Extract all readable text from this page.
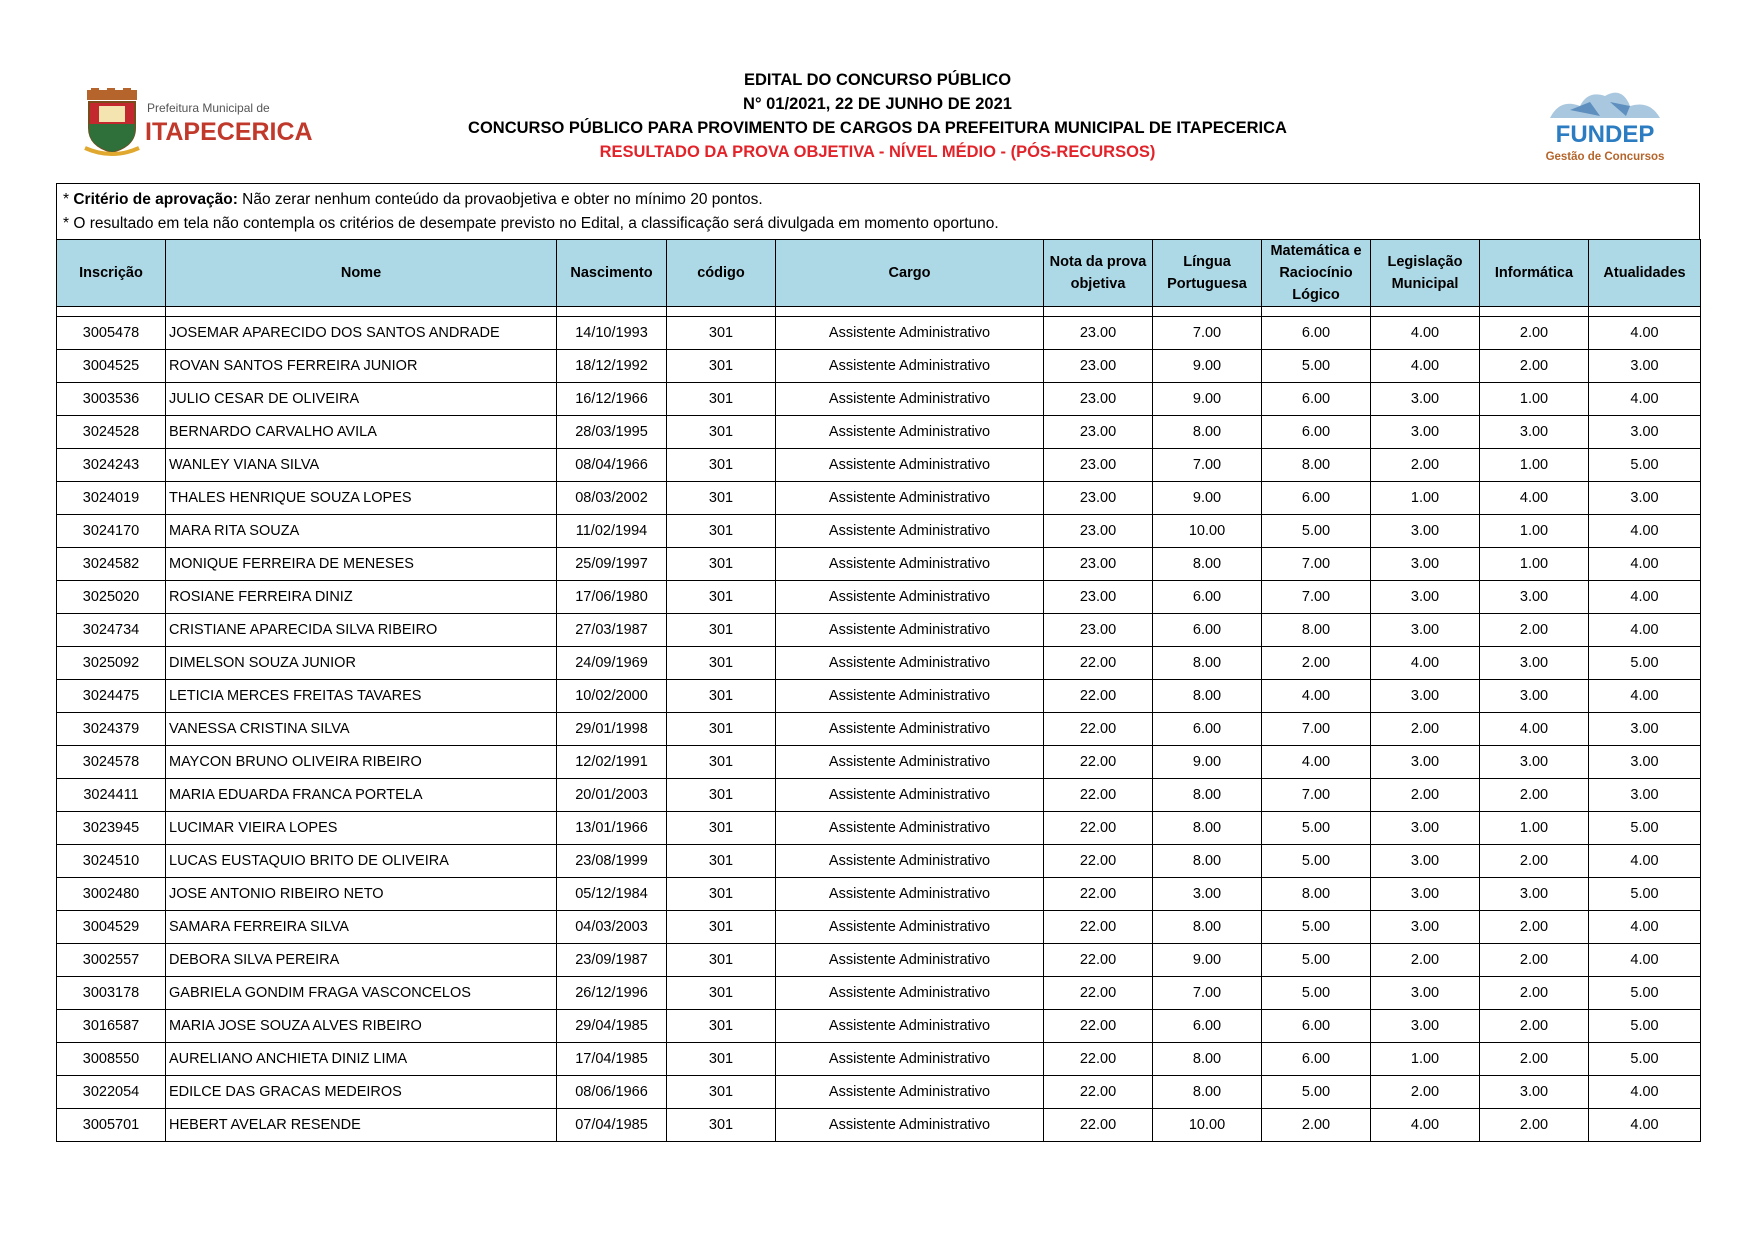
Prefeitura Municipal de
ITAPECERICA
EDITAL DO CONCURSO PÚBLICO
N° 01/2021, 22 DE JUNHO DE 2021
CONCURSO PÚBLICO PARA PROVIMENTO DE CARGOS DA PREFEITURA MUNICIPAL DE ITAPECERICA
RESULTADO DA PROVA OBJETIVA - NÍVEL MÉDIO - (PÓS-RECURSOS)
FUNDEP
Gestão de Concursos
* Critério de aprovação: Não zerar nenhum conteúdo da provaobjetiva e obter no mínimo 20 pontos.
* O resultado em tela não contempla os critérios de desempate previsto no Edital, a classificação será divulgada em momento oportuno.
Inscrição	Nome	Nascimento	código	Cargo	Nota da prova objetiva	Língua Portuguesa	Matemática e Raciocínio Lógico	Legislação Municipal	Informática	Atualidades

3005478	JOSEMAR APARECIDO DOS SANTOS ANDRADE	14/10/1993	301	Assistente Administrativo	23.00	7.00	6.00	4.00	2.00	4.00
3004525	ROVAN SANTOS FERREIRA JUNIOR	18/12/1992	301	Assistente Administrativo	23.00	9.00	5.00	4.00	2.00	3.00
3003536	JULIO CESAR DE OLIVEIRA	16/12/1966	301	Assistente Administrativo	23.00	9.00	6.00	3.00	1.00	4.00
3024528	BERNARDO CARVALHO AVILA	28/03/1995	301	Assistente Administrativo	23.00	8.00	6.00	3.00	3.00	3.00
3024243	WANLEY VIANA SILVA	08/04/1966	301	Assistente Administrativo	23.00	7.00	8.00	2.00	1.00	5.00
3024019	THALES HENRIQUE SOUZA LOPES	08/03/2002	301	Assistente Administrativo	23.00	9.00	6.00	1.00	4.00	3.00
3024170	MARA RITA SOUZA	11/02/1994	301	Assistente Administrativo	23.00	10.00	5.00	3.00	1.00	4.00
3024582	MONIQUE FERREIRA DE MENESES	25/09/1997	301	Assistente Administrativo	23.00	8.00	7.00	3.00	1.00	4.00
3025020	ROSIANE FERREIRA DINIZ	17/06/1980	301	Assistente Administrativo	23.00	6.00	7.00	3.00	3.00	4.00
3024734	CRISTIANE APARECIDA SILVA RIBEIRO	27/03/1987	301	Assistente Administrativo	23.00	6.00	8.00	3.00	2.00	4.00
3025092	DIMELSON SOUZA JUNIOR	24/09/1969	301	Assistente Administrativo	22.00	8.00	2.00	4.00	3.00	5.00
3024475	LETICIA MERCES FREITAS TAVARES	10/02/2000	301	Assistente Administrativo	22.00	8.00	4.00	3.00	3.00	4.00
3024379	VANESSA CRISTINA SILVA	29/01/1998	301	Assistente Administrativo	22.00	6.00	7.00	2.00	4.00	3.00
3024578	MAYCON BRUNO OLIVEIRA RIBEIRO	12/02/1991	301	Assistente Administrativo	22.00	9.00	4.00	3.00	3.00	3.00
3024411	MARIA EDUARDA FRANCA PORTELA	20/01/2003	301	Assistente Administrativo	22.00	8.00	7.00	2.00	2.00	3.00
3023945	LUCIMAR VIEIRA LOPES	13/01/1966	301	Assistente Administrativo	22.00	8.00	5.00	3.00	1.00	5.00
3024510	LUCAS EUSTAQUIO BRITO DE OLIVEIRA	23/08/1999	301	Assistente Administrativo	22.00	8.00	5.00	3.00	2.00	4.00
3002480	JOSE ANTONIO RIBEIRO NETO	05/12/1984	301	Assistente Administrativo	22.00	3.00	8.00	3.00	3.00	5.00
3004529	SAMARA FERREIRA SILVA	04/03/2003	301	Assistente Administrativo	22.00	8.00	5.00	3.00	2.00	4.00
3002557	DEBORA SILVA PEREIRA	23/09/1987	301	Assistente Administrativo	22.00	9.00	5.00	2.00	2.00	4.00
3003178	GABRIELA GONDIM FRAGA VASCONCELOS	26/12/1996	301	Assistente Administrativo	22.00	7.00	5.00	3.00	2.00	5.00
3016587	MARIA JOSE SOUZA ALVES RIBEIRO	29/04/1985	301	Assistente Administrativo	22.00	6.00	6.00	3.00	2.00	5.00
3008550	AURELIANO ANCHIETA DINIZ LIMA	17/04/1985	301	Assistente Administrativo	22.00	8.00	6.00	1.00	2.00	5.00
3022054	EDILCE DAS GRACAS MEDEIROS	08/06/1966	301	Assistente Administrativo	22.00	8.00	5.00	2.00	3.00	4.00
3005701	HEBERT AVELAR RESENDE	07/04/1985	301	Assistente Administrativo	22.00	10.00	2.00	4.00	2.00	4.00
